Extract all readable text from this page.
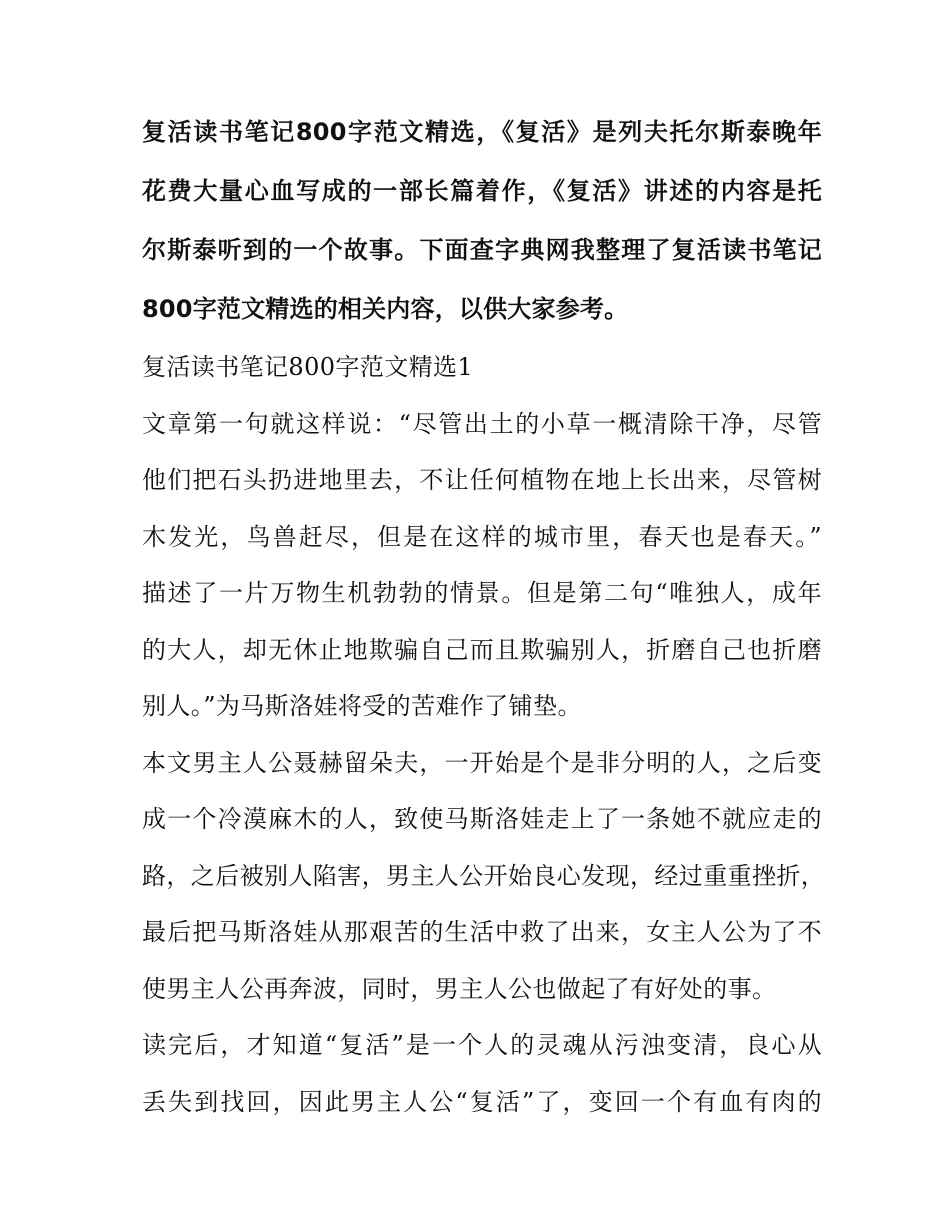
复活读书笔记800字范文精选，《复活》是列夫托尔斯泰晚年
花费大量心血写成的一部长篇着作，《复活》讲述的内容是托
尔斯泰听到的一个故事。下面查字典网我整理了复活读书笔记
800字范文精选的相关内容，以供大家参考。
复活读书笔记800字范文精选1
文章第一句就这样说：“尽管出土的小草一概清除干净，尽管
他们把石头扔进地里去，不让任何植物在地上长出来，尽管树
木发光，鸟兽赶尽，但是在这样的城市里，春天也是春天。”
描述了一片万物生机勃勃的情景。但是第二句“唯独人，成年
的大人，却无休止地欺骗自己而且欺骗别人，折磨自己也折磨
别人。”为马斯洛娃将受的苦难作了铺垫。
本文男主人公聂赫留朵夫，一开始是个是非分明的人，之后变
成一个冷漠麻木的人，致使马斯洛娃走上了一条她不就应走的
路，之后被别人陷害，男主人公开始良心发现，经过重重挫折，
最后把马斯洛娃从那艰苦的生活中救了出来，女主人公为了不
使男主人公再奔波，同时，男主人公也做起了有好处的事。
读完后，才知道“复活”是一个人的灵魂从污浊变清，良心从
丢失到找回，因此男主人公“复活”了，变回一个有血有肉的
